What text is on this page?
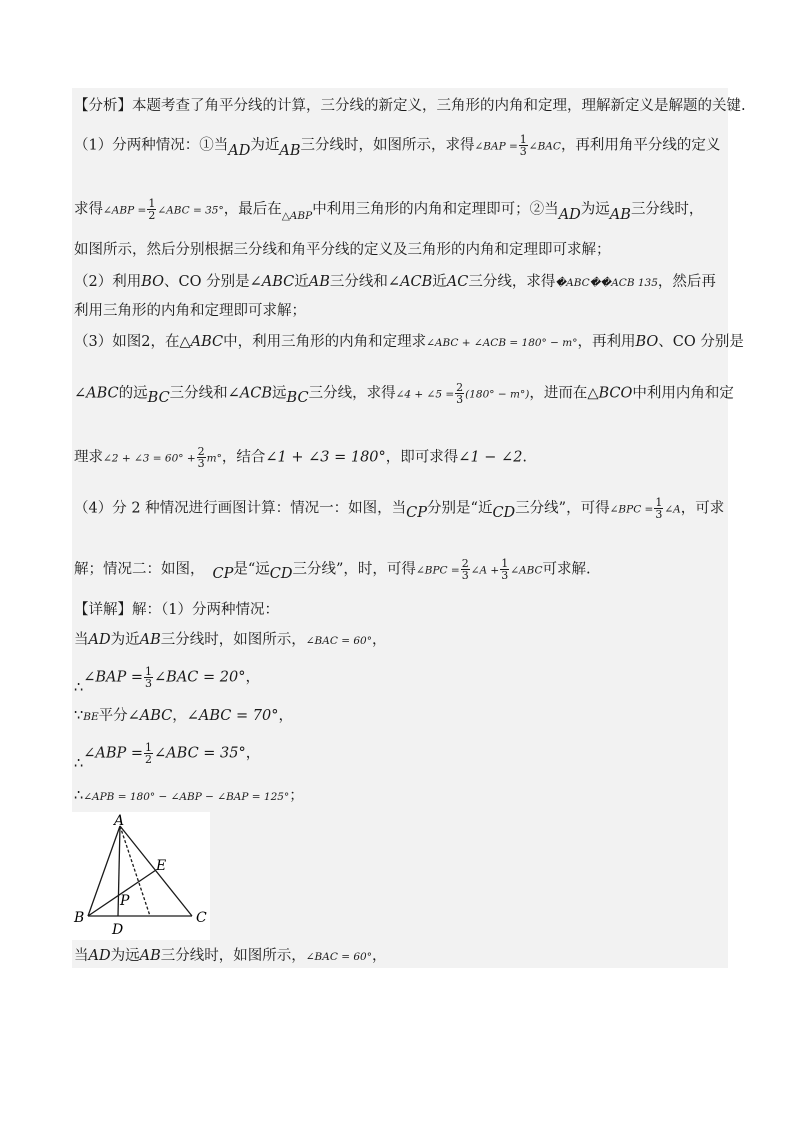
【分析】本题考查了角平分线的计算，三分线的新定义，三角形的内角和定理，理解新定义是解题的关键.
（1）分两种情况：①当AD为近AB三分线时，如图所示，求得∠BAP = $\frac{1}{3}$ ∠BAC，再利用角平分线的定义
求得∠ABP = $\frac{1}{2}$ ∠ABC = 35°，最后在$_{\triangle ABP}$中利用三角形的内角和定理即可；②当AD为远AB三分线时，
如图所示，然后分别根据三分线和角平分线的定义及三角形的内角和定理即可求解；
（2）利用BO、CO 分别是∠ABC近AB三分线和∠ACB近AC三分线，求得�ABC��ACB 135，然后再
利用三角形的内角和定理即可求解；
（3）如图2，在△ABC中，利用三角形的内角和定理求∠ABC + ∠ACB = 180° − m°，再利用BO、CO 分别是
∠ABC的远BC三分线和∠ACB远BC三分线，求得∠4 + ∠5 = $\frac{2}{3} (180^\circ - m^\circ)$，进而在△BCO中利用内角和定
理求∠2 + ∠3 = $60^\circ + \frac{2}{3} m^\circ$，结合∠1 + ∠3 = 180°，即可求得∠1 − ∠2.
（4）分 2 种情况进行画图计算：情况一：如图，当CP分别是“近CD三分线”，可得∠BPC = $\frac{1}{3}$ ∠A，可求
解；情况二：如图， CP是“远CD三分线”，时，可得∠BPC = $\frac{2}{3}$ ∠A + $\frac{1}{3}$ ∠ABC可求解.
【详解】解：（1）分两种情况：
当AD为近AB三分线时，如图所示，∠BAC = 60°，
∴∠BAP = $\frac{1}{3}$ ∠BAC = 20°，
∵BE平分∠ABC，∠ABC = 70°，
∴∠ABP = $\frac{1}{2}$ ∠ABC = 35°，
∴∠APB = 180° − ∠ABP − ∠BAP = 125°；
A
E
P
B
D
C
当AD为远AB三分线时，如图所示，∠BAC = 60°，
